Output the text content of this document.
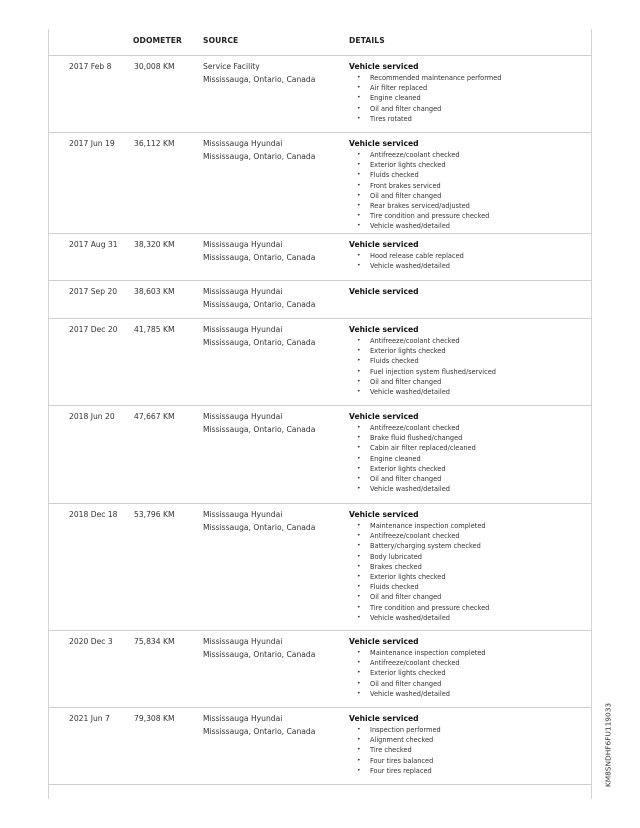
ODOMETER	SOURCE	DETAILS
2017 Feb 8	30,008 KM	Service Facility
Mississauga, Ontario, Canada
Vehicle serviced
• Recommended maintenance performed
• Air filter replaced
• Engine cleaned
• Oil and filter changed
• Tires rotated
2017 Jun 19	36,112 KM	Mississauga Hyundai
Mississauga, Ontario, Canada
Vehicle serviced
• Antifreeze/coolant checked
• Exterior lights checked
• Fluids checked
• Front brakes serviced
• Oil and filter changed
• Rear brakes serviced/adjusted
• Tire condition and pressure checked
• Vehicle washed/detailed
2017 Aug 31 38,320 KM	Mississauga Hyundai
Mississauga, Ontario, Canada
Vehicle serviced
• Hood release cable replaced
• Vehicle washed/detailed
2017 Sep 20 38,603 KM	Mississauga Hyundai
Mississauga, Ontario, Canada
Vehicle serviced
2017 Dec 20 41,785 KM	Mississauga Hyundai
Mississauga, Ontario, Canada
Vehicle serviced
• Antifreeze/coolant checked
• Exterior lights checked
• Fluids checked
• Fuel injection system flushed/serviced
• Oil and filter changed
• Vehicle washed/detailed
2018 Jun 20	47,667 KM	Mississauga Hyundai
Mississauga, Ontario, Canada
Vehicle serviced
• Antifreeze/coolant checked
• Brake fluid flushed/changed
• Cabin air filter replaced/cleaned
• Engine cleaned
• Exterior lights checked
• Oil and filter changed
• Vehicle washed/detailed
2018 Dec 18 53,796 KM	Mississauga Hyundai
Mississauga, Ontario, Canada
Vehicle serviced
• Maintenance inspection completed
• Antifreeze/coolant checked
• Battery/charging system checked
• Body lubricated
• Brakes checked
• Exterior lights checked
• Fluids checked
• Oil and filter changed
• Tire condition and pressure checked
• Vehicle washed/detailed
2020 Dec 3	75,834 KM	Mississauga Hyundai
Mississauga, Ontario, Canada
Vehicle serviced
• Maintenance inspection completed
• Antifreeze/coolant checked
• Exterior lights checked
• Oil and filter changed
• Vehicle washed/detailed
2021 Jun 7	79,308 KM	Mississauga Hyundai
Mississauga, Ontario, Canada
Vehicle serviced
• Inspection performed
• Alignment checked
• Tire checked
• Four tires balanced
• Four tires replaced	KM8SNDHF6FU119033
